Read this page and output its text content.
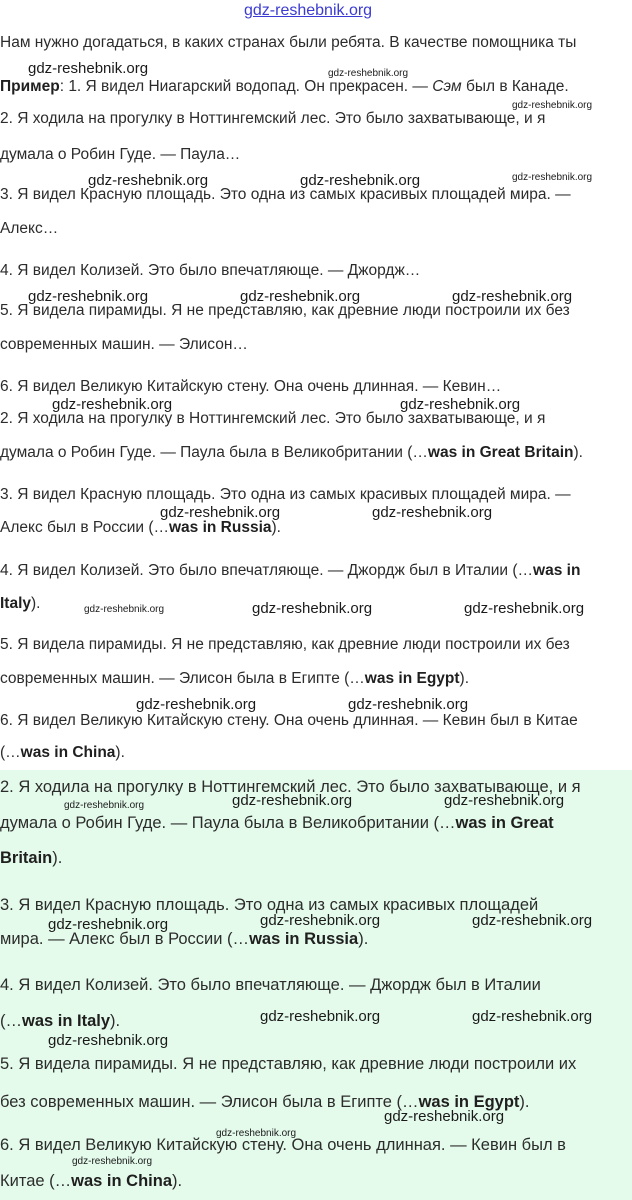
gdz-reshebnik.org
Нам нужно догадаться, в каких странах были ребята. В качестве помощника ты
Пример: 1. Я видел Ниагарский водопад. Он прекрасен. — Сэм был в Канаде.
2. Я ходила на прогулку в Ноттингемский лес. Это было захватывающе, и я
думала о Робин Гуде. — Паула…
3. Я видел Красную площадь. Это одна из самых красивых площадей мира. —
Алекс…
4. Я видел Колизей. Это было впечатляюще. — Джордж…
5. Я видела пирамиды. Я не представляю, как древние люди построили их без
современных машин. — Элисон…
6. Я видел Великую Китайскую стену. Она очень длинная. — Кевин…
2. Я ходила на прогулку в Ноттингемский лес. Это было захватывающе, и я
думала о Робин Гуде. — Паула была в Великобритании (…was in Great Britain).
3. Я видел Красную площадь. Это одна из самых красивых площадей мира. —
Алекс был в России (…was in Russia).
4. Я видел Колизей. Это было впечатляюще. — Джордж был в Италии (…was in
Italy).
5. Я видела пирамиды. Я не представляю, как древние люди построили их без
современных машин. — Элисон была в Египте (…was in Egypt).
6. Я видел Великую Китайскую стену. Она очень длинная. — Кевин был в Китае
(…was in China).
2. Я ходила на прогулку в Ноттингемский лес. Это было захватывающе, и я
думала о Робин Гуде. — Паула была в Великобритании (…was in Great
Britain).
3. Я видел Красную площадь. Это одна из самых красивых площадей
мира. — Алекс был в России (…was in Russia).
4. Я видел Колизей. Это было впечатляюще. — Джордж был в Италии
(…was in Italy).
5. Я видела пирамиды. Я не представляю, как древние люди построили их
без современных машин. — Элисон была в Египте (…was in Egypt).
6. Я видел Великую Китайскую стену. Она очень длинная. — Кевин был в
Китае (…was in China).
gdz-reshebnik.org	gdz-reshebnik.org
gdz-reshebnik.org
gdz-reshebnik.org	gdz-reshebnik.org	gdz-reshebnik.org
gdz-reshebnik.org	gdz-reshebnik.org	gdz-reshebnik.org
gdz-reshebnik.org	gdz-reshebnik.org
gdz-reshebnik.org	gdz-reshebnik.org
gdz-reshebnik.org	gdz-reshebnik.org	gdz-reshebnik.org
gdz-reshebnik.org	gdz-reshebnik.org
gdz-reshebnik.org	gdz-reshebnik.org	gdz-reshebnik.org
gdz-reshebnik.org	gdz-reshebnik.org	gdz-reshebnik.org
gdz-reshebnik.org	gdz-reshebnik.org
gdz-reshebnik.org
gdz-reshebnik.org
gdz-reshebnik.org
gdz-reshebnik.org
